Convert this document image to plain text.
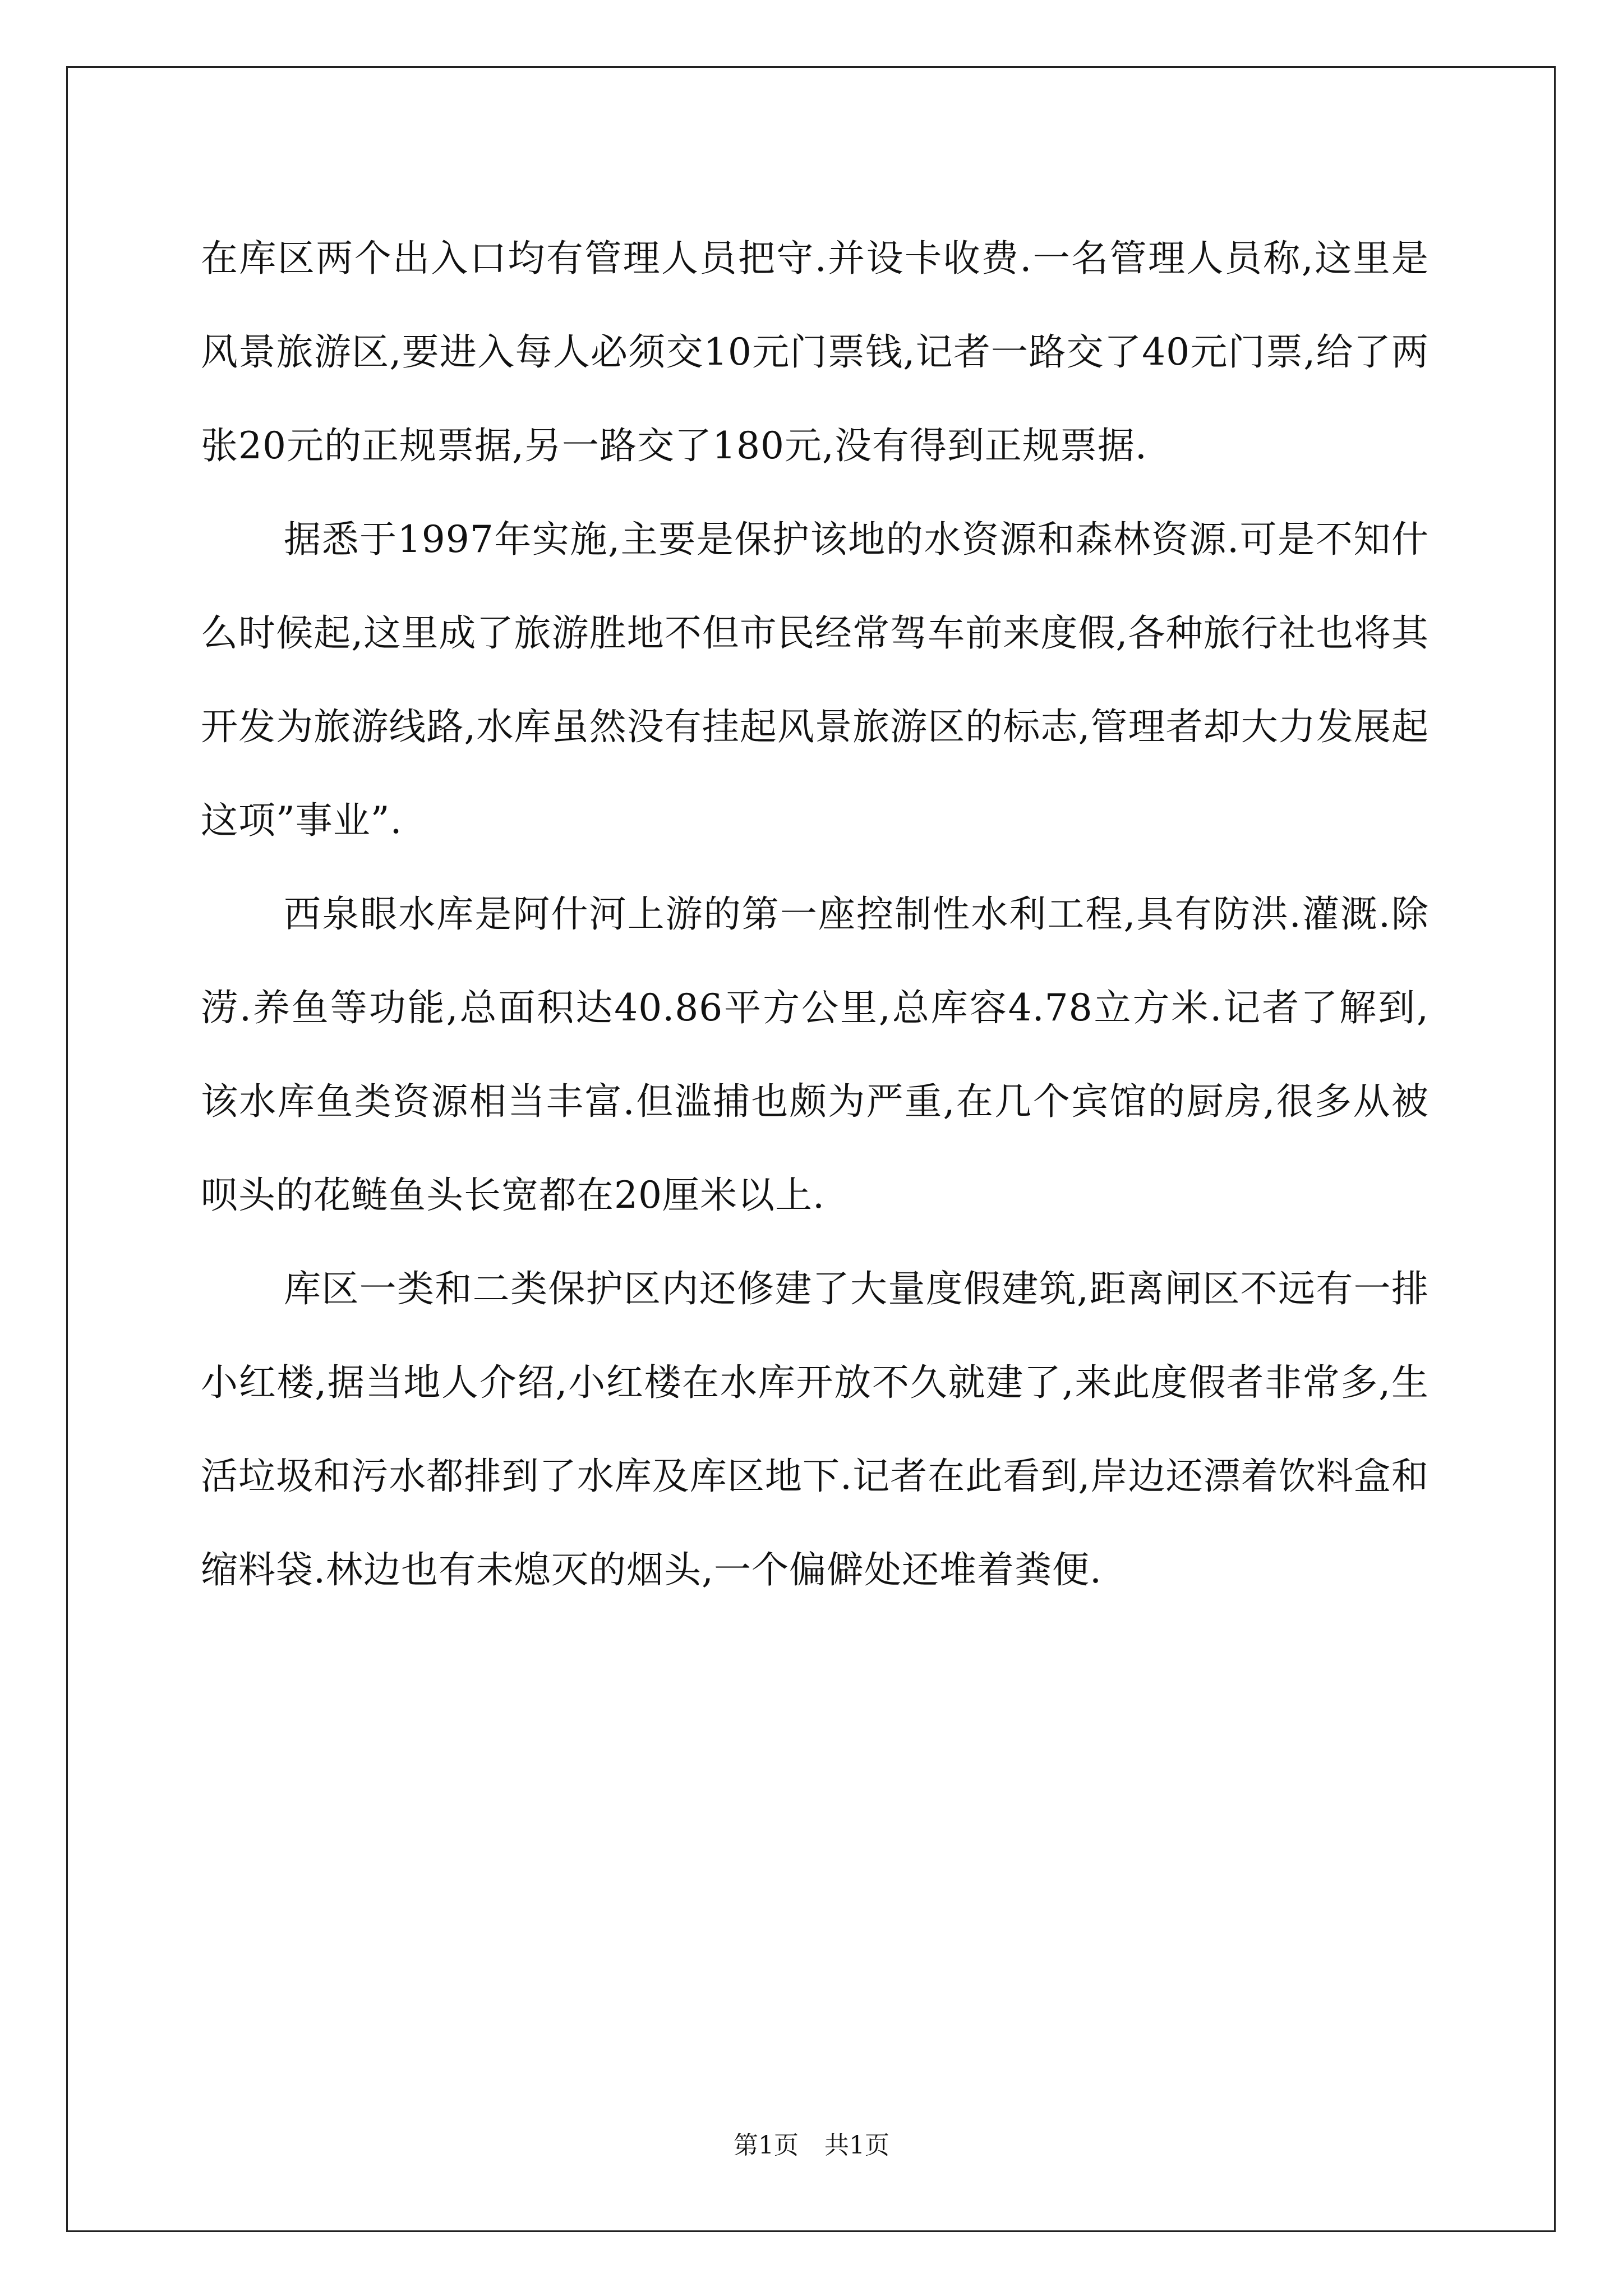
在库区两个出入口均有管理人员把守.并设卡收费.一名管理人员称,这里是风景旅游区,要进入每人必须交10元门票钱,记者一路交了40元门票,给了两张20元的正规票据,另一路交了180元,没有得到正规票据.

据悉于1997年实施,主要是保护该地的水资源和森林资源.可是不知什么时候起,这里成了旅游胜地不但市民经常驾车前来度假,各种旅行社也将其开发为旅游线路,水库虽然没有挂起风景旅游区的标志,管理者却大力发展起这项”事业”.

西泉眼水库是阿什河上游的第一座控制性水利工程,具有防洪.灌溉.除涝.养鱼等功能,总面积达40.86平方公里,总库容4.78立方米.记者了解到,该水库鱼类资源相当丰富.但滥捕也颇为严重,在几个宾馆的厨房,很多从被呗头的花鲢鱼头长宽都在20厘米以上.

库区一类和二类保护区内还修建了大量度假建筑,距离闸区不远有一排小红楼,据当地人介绍,小红楼在水库开放不久就建了,来此度假者非常多,生活垃圾和污水都排到了水库及库区地下.记者在此看到,岸边还漂着饮料盒和缩料袋.林边也有未熄灭的烟头,一个偏僻处还堆着粪便.

第1页 共1页
